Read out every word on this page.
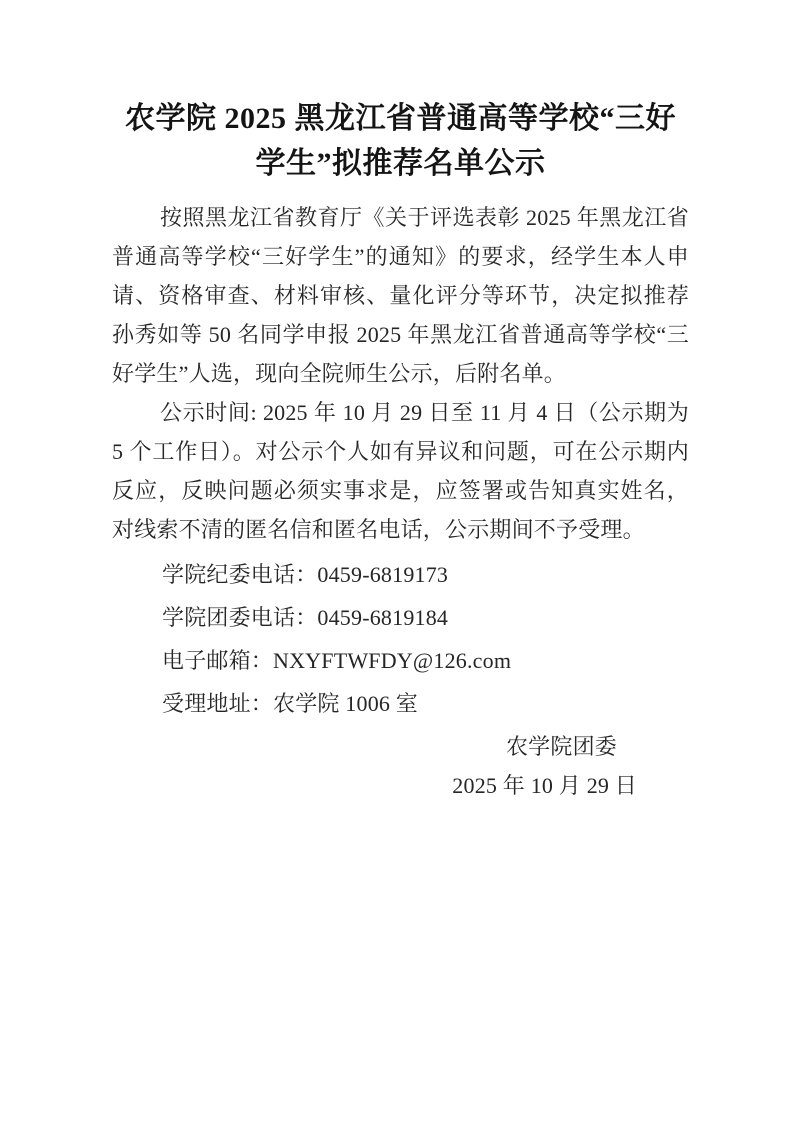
农学院 2025 黑龙江省普通高等学校“三好
学生”拟推荐名单公示

按照黑龙江省教育厅《关于评选表彰 2025 年黑龙江省普通高等学校“三好学生”的通知》的要求，经学生本人申请、资格审查、材料审核、量化评分等环节，决定拟推荐孙秀如等 50 名同学申报 2025 年黑龙江省普通高等学校“三好学生”人选，现向全院师生公示，后附名单。

公示时间: 2025 年 10 月 29 日至 11 月 4 日（公示期为 5 个工作日）。对公示个人如有异议和问题，可在公示期内反应，反映问题必须实事求是，应签署或告知真实姓名，对线索不清的匿名信和匿名电话，公示期间不予受理。

学院纪委电话：0459-6819173

学院团委电话：0459-6819184

电子邮箱：NXYFTWFDY@126.com

受理地址：农学院 1006 室

农学院团委

2025 年 10 月 29 日
